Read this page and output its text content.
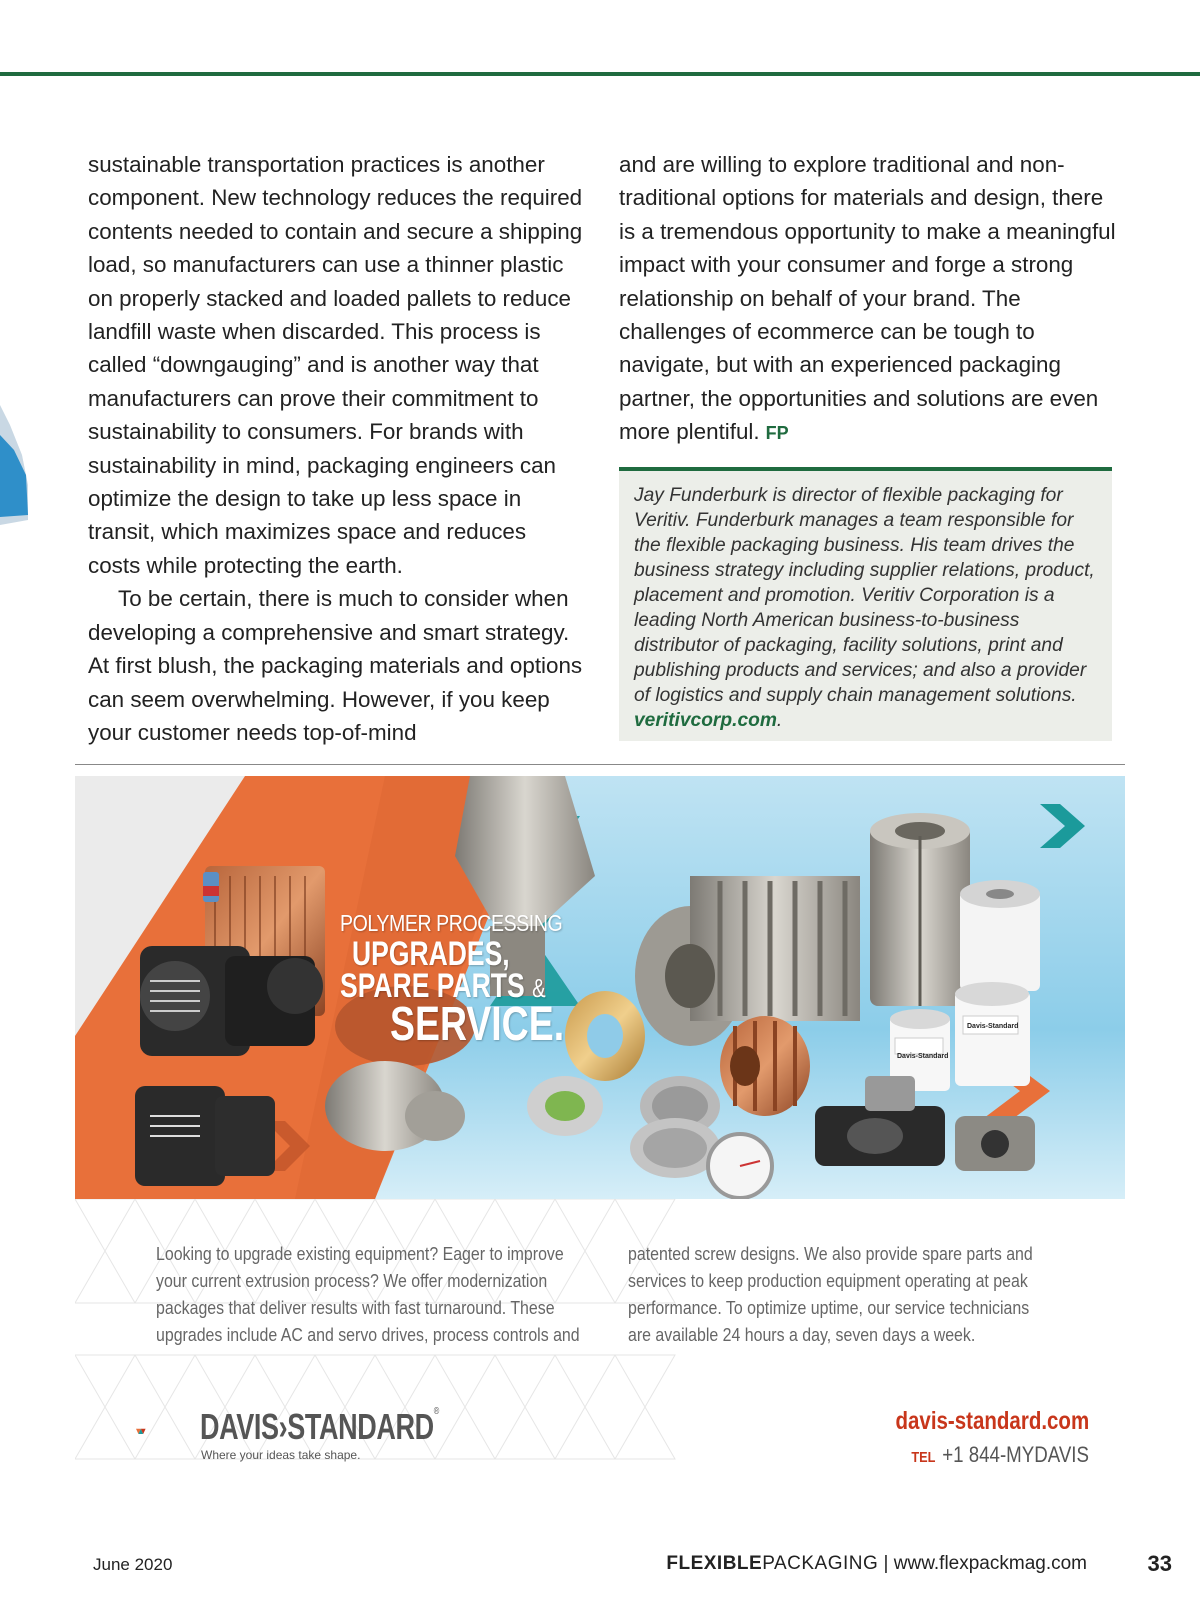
sustainable transportation practices is another component. New technology reduces the required contents needed to contain and secure a shipping load, so manufacturers can use a thinner plastic on properly stacked and loaded pallets to reduce landfill waste when discarded. This process is called “downgauging” and is another way that manufacturers can prove their commitment to sustainability to consumers. For brands with sustainability in mind, packaging engineers can optimize the design to take up less space in transit, which maximizes space and reduces costs while protecting the earth.

To be certain, there is much to consider when developing a comprehensive and smart strategy. At first blush, the packaging materials and options can seem overwhelming. However, if you keep your customer needs top-of-mind

and are willing to explore traditional and non-traditional options for materials and design, there is a tremendous opportunity to make a meaningful impact with your consumer and forge a strong relationship on behalf of your brand. The challenges of ecommerce can be tough to navigate, but with an experienced packaging partner, the opportunities and solutions are even more plentiful. FP

Jay Funderburk is director of flexible packaging for Veritiv. Funderburk manages a team responsible for the flexible packaging business. His team drives the business strategy including supplier relations, product, placement and promotion. Veritiv Corporation is a leading North American business-to-business distributor of packaging, facility solutions, print and publishing products and services; and also a provider of logistics and supply chain management solutions. veritivcorp.com.
Davis-Standard
Davis-Standard
POLYMER PROCESSING
UPGRADES,
SPARE PARTS &
SERVICE.
Looking to upgrade existing equipment? Eager to improve your current extrusion process? We offer modernization packages that deliver results with fast turnaround. These upgrades include AC and servo drives, process controls and
patented screw designs. We also provide spare parts and services to keep production equipment operating at peak performance. To optimize uptime, our service technicians are available 24 hours a day, seven days a week.
DAVIS›STANDARD®
Where your ideas take shape.
davis-standard.com
TEL +1 844-MYDAVIS
June 2020	FLEXIBLEPACKAGING | www.flexpackmag.com	33
